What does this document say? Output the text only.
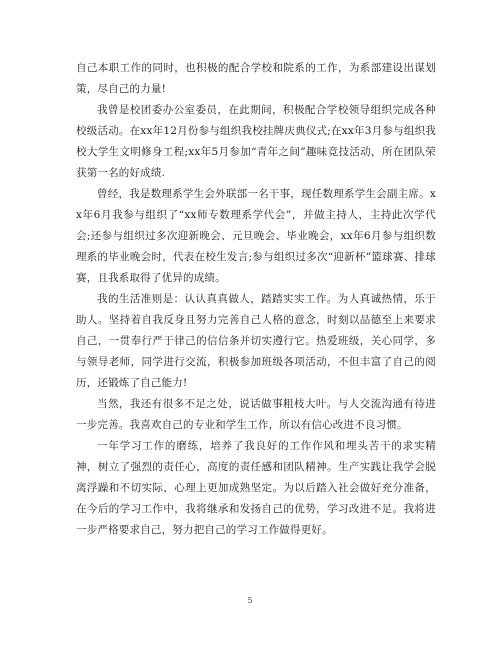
自己本职工作的同时，也积极的配合学校和院系的工作，为系部建设出谋划策，尽自己的力量!

我曾是校团委办公室委员，在此期间，积极配合学校领导组织完成各种校级活动。在xx年12月份参与组织我校挂牌庆典仪式;在xx年3月参与组织我校大学生文明修身工程;xx年5月参加“青年之间”趣味竞技活动，所在团队荣获第一名的好成绩.

曾经，我是数理系学生会外联部一名干事，现任数理系学生会副主席。xx年6月我参与组织了“xx师专数理系学代会”，并做主持人，主持此次学代会;还参与组织过多次迎新晚会、元旦晚会、毕业晚会，xx年6月参与组织数理系的毕业晚会时，代表在校生发言;参与组织过多次“迎新杯”篮球赛、排球赛，且我系取得了优异的成绩。

我的生活准则是：认认真真做人，踏踏实实工作。为人真诚热情，乐于助人。坚持着自我反身且努力完善自己人格的意念，时刻以品德至上来要求自己，一贯奉行严于律己的信信条并切实遵行它。热爱班级，关心同学，多与领导老师，同学进行交流，积极参加班级各项活动，不但丰富了自己的阅历，还锻炼了自己能力!

当然，我还有很多不足之处，说话做事粗枝大叶。与人交流沟通有待进一步完善。我喜欢自己的专业和学生工作，所以有信心改进不良习惯。

一年学习工作的磨练，培养了我良好的工作作风和埋头苦干的求实精神，树立了强烈的责任心，高度的责任感和团队精神。生产实践让我学会脱离浮躁和不切实际，心理上更加成熟坚定。为以后踏入社会做好充分准备，在今后的学习工作中，我将继承和发扬自己的优势，学习改进不足。我将进一步严格要求自己，努力把自己的学习工作做得更好。

5
